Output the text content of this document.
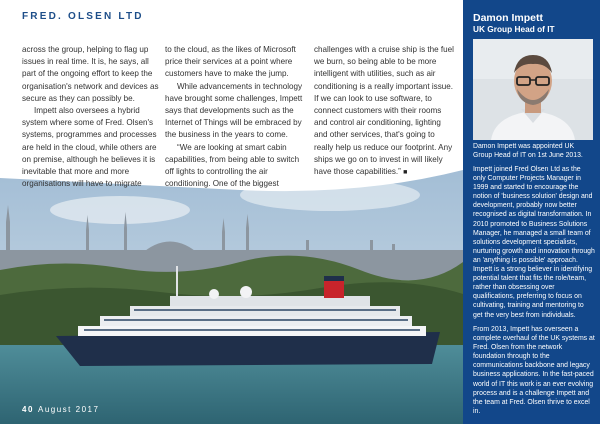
FRED. OLSEN LTD

across the group, helping to flag up issues in real time. It is, he says, all part of the ongoing effort to keep the organisation's network and devices as secure as they can possibly be.

Impett also oversees a hybrid system where some of Fred. Olsen's systems, programmes and processes are held in the cloud, while others are on premise, although he believes it is inevitable that more and more organisations will have to migrate

to the cloud, as the likes of Microsoft price their services at a point where customers have to make the jump.

While advancements in technology have brought some challenges, Impett says that developments such as the Internet of Things will be embraced by the business in the years to come.

“We are looking at smart cabin capabilities, from being able to switch off lights to controlling the air conditioning. One of the biggest

challenges with a cruise ship is the fuel we burn, so being able to be more intelligent with utilities, such as air conditioning is a really important issue. If we can look to use software, to connect customers with their rooms and control air conditioning, lighting and other services, that's going to really help us reduce our footprint. Any ships we go on to invest in will likely have those capabilities.” ■

40 August 2017
Damon Impett
UK Group Head of IT
Damon Impett was appointed UK Group Head of IT on 1st June 2013.
Impett joined Fred Olsen Ltd as the only Computer Projects Manager in 1999 and started to encourage the notion of 'business solution' design and development, probably now better recognised as digital transformation. In 2010 promoted to Business Solutions Manager, he managed a small team of solutions development specialists, nurturing growth and innovation through an 'anything is possible' approach. Impett is a strong believer in identifying potential talent that fits the role/team, rather than obsessing over qualifications, preferring to focus on cultivating, training and mentoring to get the very best from individuals.
From 2013, Impett has overseen a complete overhaul of the UK systems at Fred. Olsen from the network foundation through to the communications backbone and legacy business applications. In the fast-paced world of IT this work is an ever evolving process and is a challenge Impett and the team at Fred. Olsen thrive to excel in.
